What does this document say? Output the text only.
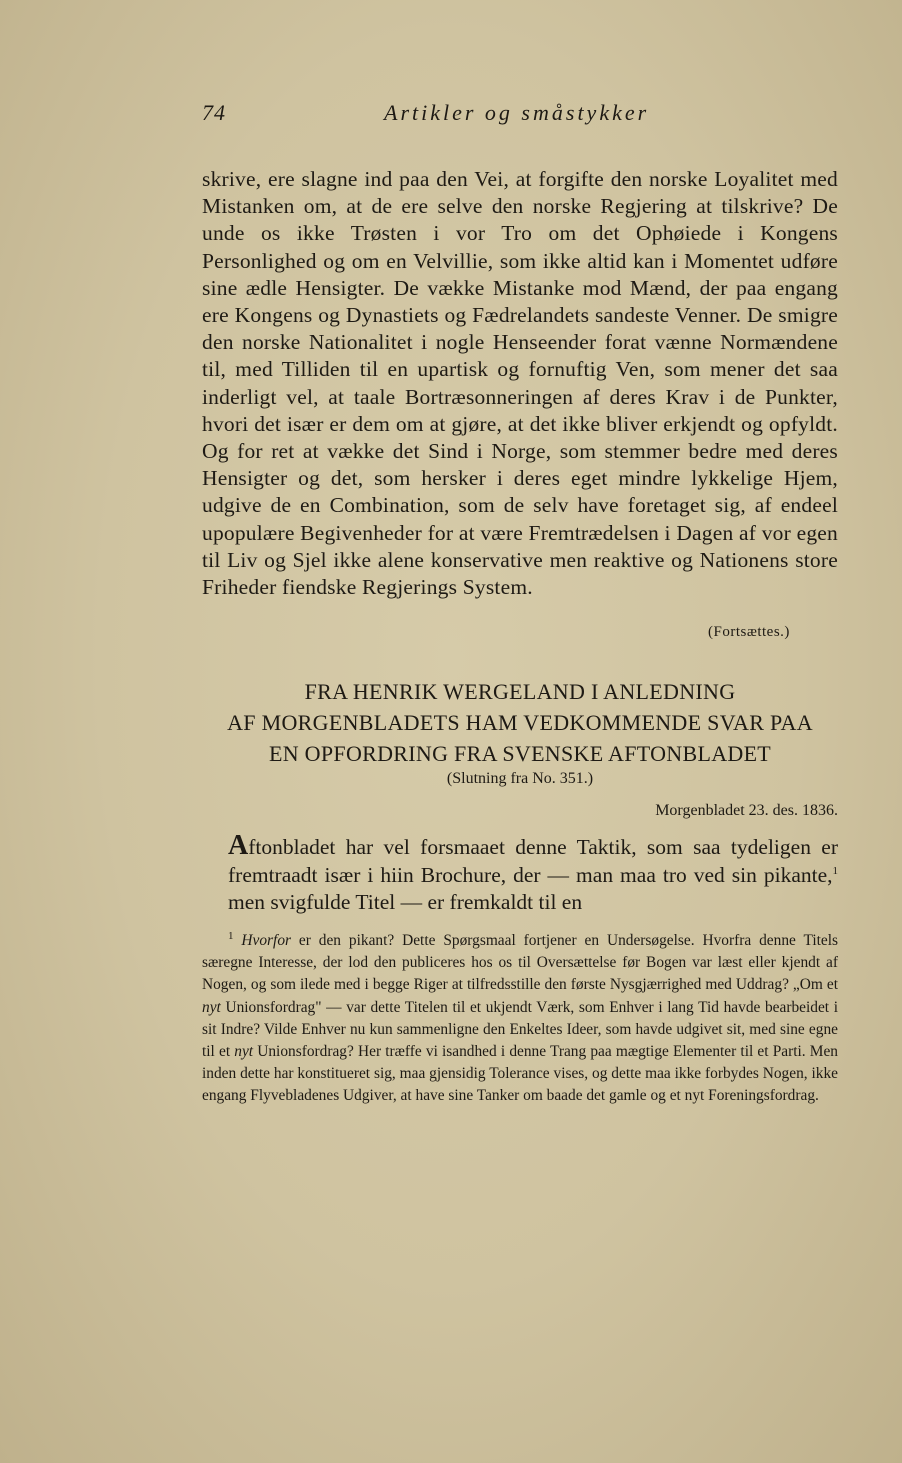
74	Artikler og småstykker

skrive, ere slagne ind paa den Vei, at forgifte den norske Loyalitet med Mistanken om, at de ere selve den norske Regjering at tilskrive? De unde os ikke Trøsten i vor Tro om det Ophøiede i Kongens Personlighed og om en Velvillie, som ikke altid kan i Momentet udføre sine ædle Hensigter. De vække Mistanke mod Mænd, der paa engang ere Kongens og Dynastiets og Fædrelandets sandeste Venner. De smigre den norske Nationalitet i nogle Henseender forat vænne Normændene til, med Tilliden til en upartisk og fornuftig Ven, som mener det saa inderligt vel, at taale Bortræsonneringen af deres Krav i de Punkter, hvori det især er dem om at gjøre, at det ikke bliver erkjendt og opfyldt. Og for ret at vække det Sind i Norge, som stemmer bedre med deres Hensigter og det, som hersker i deres eget mindre lykkelige Hjem, udgive de en Combination, som de selv have foretaget sig, af endeel upopulære Begivenheder for at være Fremtrædelsen i Dagen af vor egen til Liv og Sjel ikke alene konservative men reaktive og Nationens store Friheder fiendske Regjerings System.

(Fortsættes.)
FRA HENRIK WERGELAND I ANLEDNING
AF MORGENBLADETS HAM VEDKOMMENDE SVAR PAA
EN OPFORDRING FRA SVENSKE AFTONBLADET
(Slutning fra No. 351.)
Morgenbladet 23. des. 1836.

Aftonbladet har vel forsmaaet denne Taktik, som saa tydeligen er fremtraadt især i hiin Brochure, der — man maa tro ved sin pikante,$^1$ men svigfulde Titel — er fremkaldt til en

$^1$ Hvorfor er den pikant? Dette Spørgsmaal fortjener en Undersøgelse. Hvorfra denne Titels særegne Interesse, der lod den publiceres hos os til Oversættelse før Bogen var læst eller kjendt af Nogen, og som ilede med i begge Riger at tilfredsstille den første Nysgjærrighed med Uddrag? „Om et nyt Unionsfordrag" — var dette Titelen til et ukjendt Værk, som Enhver i lang Tid havde bearbeidet i sit Indre? Vilde Enhver nu kun sammenligne den Enkeltes Ideer, som havde udgivet sit, med sine egne til et nyt Unionsfordrag? Her træffe vi isandhed i denne Trang paa mægtige Elementer til et Parti. Men inden dette har konstitueret sig, maa gjensidig Tolerance vises, og dette maa ikke forbydes Nogen, ikke engang Flyvebladenes Udgiver, at have sine Tanker om baade det gamle og et nyt Foreningsfordrag.
